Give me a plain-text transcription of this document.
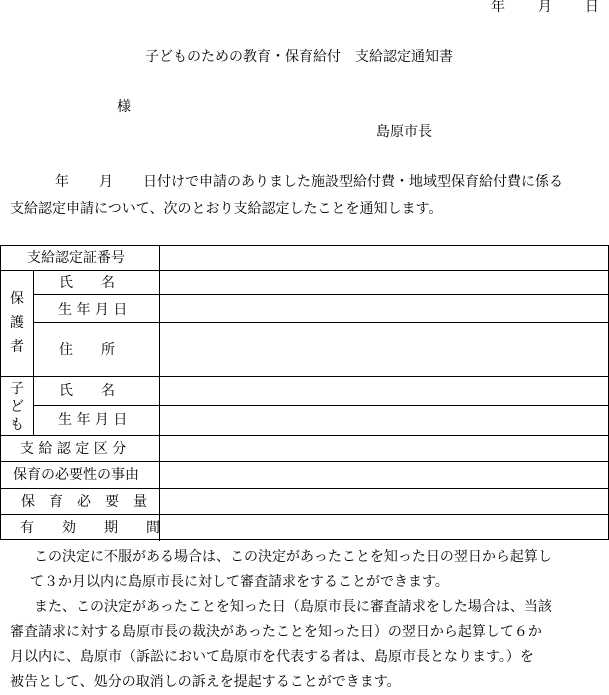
年 月 日
子どものための教育・保育給付　支給認定通知書
様
島原市長
年 月 日付けで申請のありました施設型給付費・地域型保育給付費に係る
支給認定申請について、次のとおり支給認定したことを通知します。
支給認定証番号
保
護
者
氏　　名
生 年 月 日
住　　所
子
ど
も
氏　　名
生 年 月 日
支 給 認 定 区 分
保育の必要性の事由
保　育　必　要　量
有　　効　　期　　間

　この決定に不服がある場合は、この決定があったことを知った日の翌日から起算し

て３か月以内に島原市長に対して審査請求をすることができます。

　また、この決定があったことを知った日（島原市長に審査請求をした場合は、当該

審査請求に対する島原市長の裁決があったことを知った日）の翌日から起算して６か

月以内に、島原市（訴訟において島原市を代表する者は、島原市長となります。）を

被告として、処分の取消しの訴えを提起することができます。
